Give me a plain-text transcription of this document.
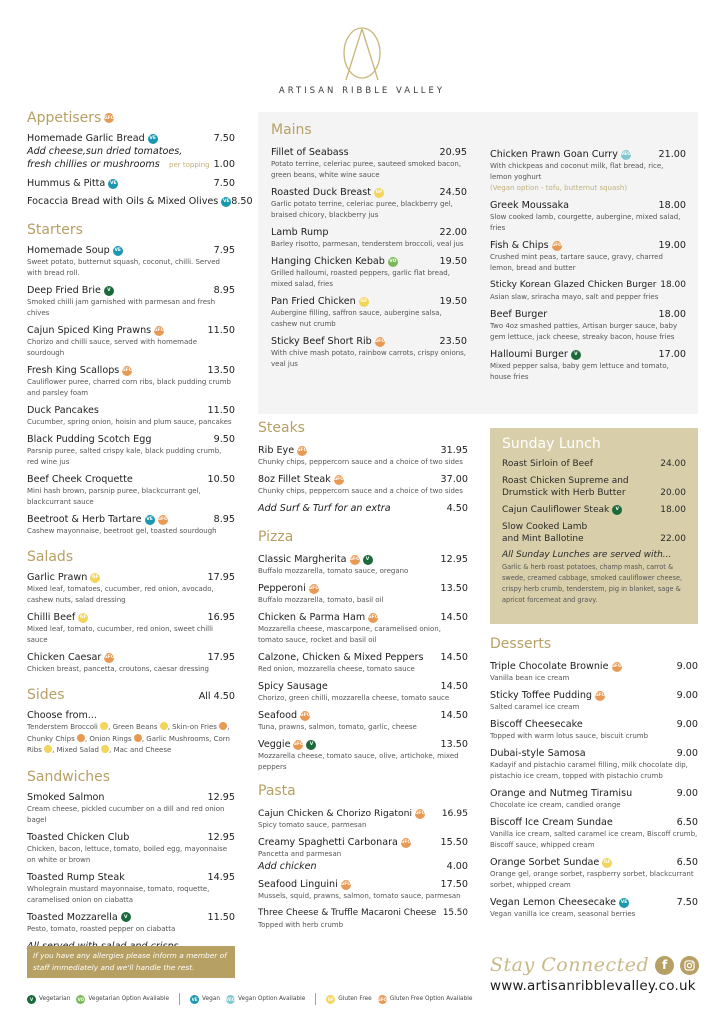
ARTISAN RIBBLE VALLEY
Appetisers GFO
Homemade Garlic Bread	VE	7.50
Add cheese,sun dried tomatoes,
fresh chillies or mushrooms per topping 1.00
Hummus & Pitta	VE	7.50
Focaccia Bread with Oils & Mixed Olives	VE 8.50
Starters
Homemade Soup	VE	7.95
Sweet potato, butternut squash, coconut, chilli. Served with bread roll.
Deep Fried Brie	V	8.95
Smoked chilli jam garnished with parmesan and fresh chives
Cajun Spiced King Prawns GFO	11.50
Chorizo and chilli sauce, served with homemade sourdough
Fresh King Scallops GFO	13.50
Cauliflower puree, charred corn ribs, black pudding crumb and parsley foam
Duck Pancakes	11.50
Cucumber, spring onion, hoisin and plum sauce, pancakes
Black Pudding Scotch Egg	9.50
Parsnip puree, salted crispy kale, black pudding crumb, red wine jus
Beef Cheek Croquette	10.50
Mini hash brown, parsnip puree, blackcurrant gel, blackcurrant sauce
Beetroot & Herb Tartare	VE GFO	8.95
Cashew mayonnaise, beetroot gel, toasted sourdough
Salads
Garlic Prawn	GF	17.95
Mixed leaf, tomatoes, cucumber, red onion, avocado, cashew nuts, salad dressing
Chilli Beef	GF	16.95
Mixed leaf, tomato, cucumber, red onion, sweet chilli sauce
Chicken Caesar GFO	17.95
Chicken breast, pancetta, croutons, caesar dressing
Sides	All 4.50
Choose from...
Tenderstem Broccoli , Green Beans , Skin-on Fries , Chunky Chips , Onion Rings , Garlic Mushrooms, Corn Ribs , Mixed Salad , Mac and Cheese
Sandwiches
Smoked Salmon	12.95
Cream cheese, pickled cucumber on a dill and red onion bagel
Toasted Chicken Club	12.95
Chicken, bacon, lettuce, tomato, boiled egg, mayonnaise on white or brown
Toasted Rump Steak	14.95
Wholegrain mustard mayonnaise, tomato, roquette, caramelised onion on ciabatta
Toasted Mozzarella	V	11.50
Pesto, tomato, roasted pepper on ciabatta
If you have any allergies please inform a member of staff immediately and we'll handle the rest.
Mains
Fillet of Seabass	20.95
Potato terrine, celeriac puree, sauteed smoked bacon, green beans, white wine sauce
Roasted Duck Breast	GF	24.50
Garlic potato terrine, celeriac puree, blackberry gel, braised chicory, blackberry jus
Lamb Rump	22.00
Barley risotto, parmesan, tenderstem broccoli, veal jus
Hanging Chicken Kebab VO	19.50
Grilled halloumi, roasted peppers, garlic flat bread, mixed salad, fries
Pan Fried Chicken	GF	19.50
Aubergine filling, saffron sauce, aubergine salsa, cashew nut crumb
Sticky Beef Short Rib GFO	23.50
With chive mash potato, rainbow carrots, crispy onions, veal jus
Chicken Prawn Goan Curry VEO	21.00
With chickpeas and coconut milk, flat bread, rice, lemon yoghurt
(Vegan option - tofu, butternut squash)
Greek Moussaka	18.00
Slow cooked lamb, courgette, aubergine, mixed salad, fries
Fish & Chips GFO	19.00
Crushed mint peas, tartare sauce, gravy, charred lemon, bread and butter
Sticky Korean Glazed Chicken Burger 18.00
Asian slaw, sriracha mayo, salt and pepper fries
Beef Burger	18.00
Two 4oz smashed patties, Artisan burger sauce, baby gem lettuce, jack cheese, streaky bacon, house fries
Halloumi Burger	V	17.00
Mixed pepper salsa, baby gem lettuce and tomato, house fries
Steaks
Rib Eye GFO	31.95
Chunky chips, peppercorn sauce and a choice of two sides
8oz Fillet Steak GFO	37.00
Chunky chips, peppercorn sauce and a choice of two sides
Add Surf & Turf for an extra	4.50
Pizza
Classic Margherita GFO	V	12.95
Buffalo mozzarella, tomato sauce, oregano
Pepperoni GFO	13.50
Buffalo mozzarella, tomato, basil oil
Chicken & Parma Ham GFO	14.50
Mozzarella cheese, mascarpone, caramelised onion, tomato sauce, rocket and basil oil
Calzone, Chicken & Mixed Peppers 14.50
Red onion, mozzarella cheese, tomato sauce
Spicy Sausage	14.50
Chorizo, green chilli, mozzarella cheese, tomato sauce
Seafood GFO	14.50
Tuna, prawns, salmon, tomato, garlic, cheese
Veggie GFO	V	13.50
Mozzarella cheese, tomato sauce, olive, artichoke, mixed peppers
Pasta
Cajun Chicken & Chorizo Rigatoni GFO 16.95
Spicy tomato sauce, parmesan
Creamy Spaghetti Carbonara GFO	15.50
Pancetta and parmesan
Add chicken	4.00
Seafood Linguini GFO	17.50
Mussels, squid, prawns, salmon, tomato sauce, parmesan
Three Cheese & Truffle Macaroni Cheese 15.50
Topped with herb crumb
Sunday Lunch
Roast Sirloin of Beef	24.00
Roast Chicken Supreme and Drumstick with Herb Butter	20.00
Cajun Cauliflower Steak	V	18.00
Slow Cooked Lamb and Mint Ballotine	22.00
All Sunday Lunches are served with...
Garlic & herb roast potatoes, champ mash, carrot & swede, creamed cabbage, smoked cauliflower cheese, crispy herb crumb, tenderstem, pig in blanket, sage & apricot forcemeat and gravy.
Desserts
Triple Chocolate Brownie GFO	9.00
Vanilla bean ice cream
Sticky Toffee Pudding GFO	9.00
Salted caramel ice cream
Biscoff Cheesecake	9.00
Topped with warm lotus sauce, biscuit crumb
Dubai-style Samosa	9.00
Kadayif and pistachio caramel filling, milk chocolate dip, pistachio ice cream, topped with pistachio crumb
Orange and Nutmeg Tiramisu	9.00
Chocolate ice cream, candied orange
Biscoff Ice Cream Sundae	6.50
Vanilla ice cream, salted caramel ice cream, Biscoff crumb, Biscoff sauce, whipped cream
Orange Sorbet Sundae	GF	6.50
Orange gel, orange sorbet, raspberry sorbet, blackcurrant sorbet, whipped cream
Vegan Lemon Cheesecake	VE	7.50
Vegan vanilla ice cream, seasonal berries
Stay Connected	f
www.artisanribblevalley.co.uk
V	Vegetarian	VO Vegetarian Option Available	VE Vegan VEO Vegan Option Available	GF Gluten Free GFO Gluten Free Option Available
